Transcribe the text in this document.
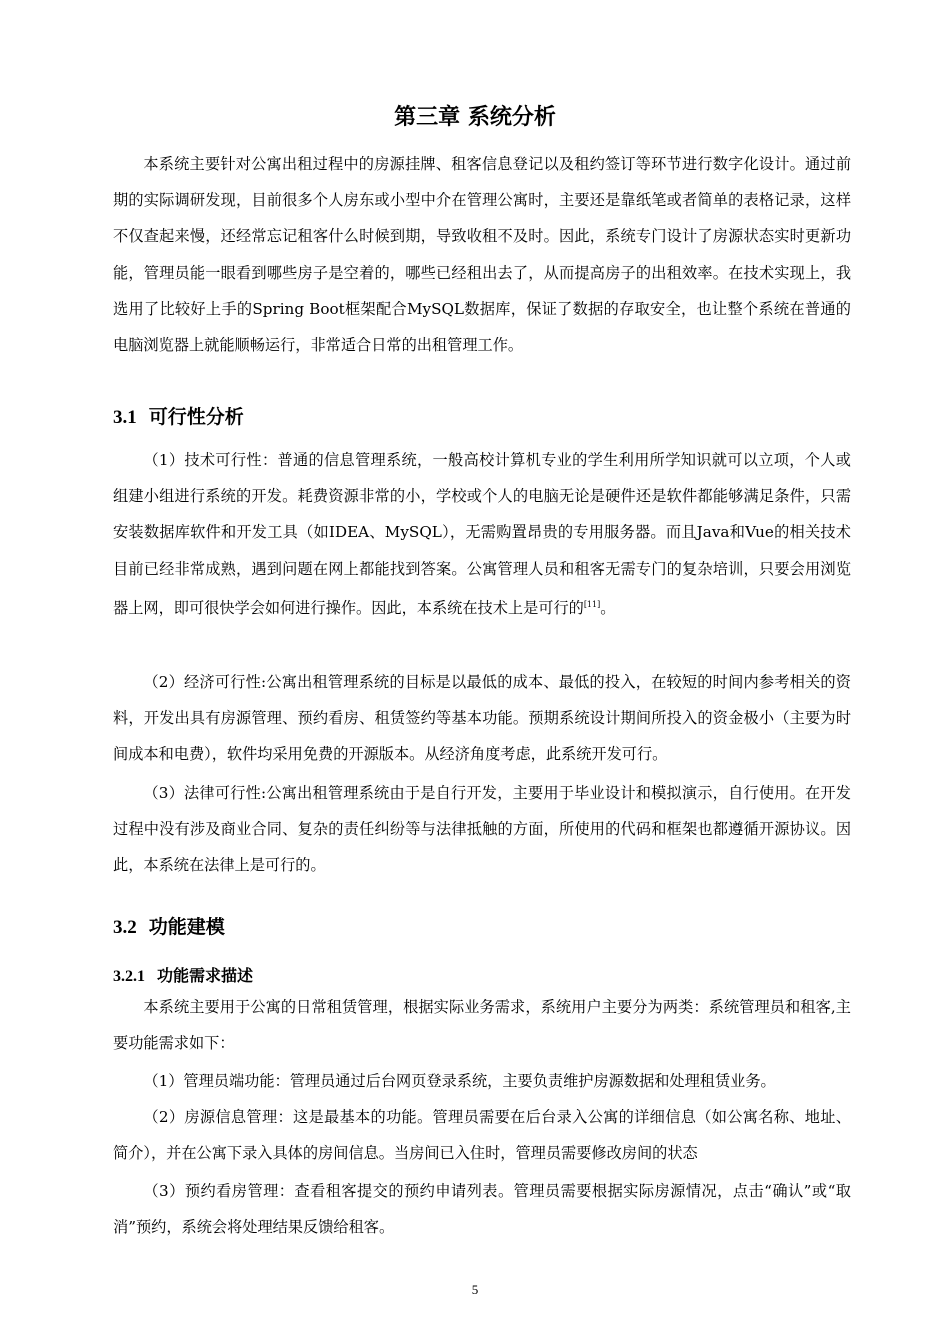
第三章 系统分析

本系统主要针对公寓出租过程中的房源挂牌、租客信息登记以及租约签订等环节进行数字化设计。通过前期的实际调研发现，目前很多个人房东或小型中介在管理公寓时，主要还是靠纸笔或者简单的表格记录，这样不仅查起来慢，还经常忘记租客什么时候到期，导致收租不及时。因此，系统专门设计了房源状态实时更新功能，管理员能一眼看到哪些房子是空着的，哪些已经租出去了，从而提高房子的出租效率。在技术实现上，我选用了比较好上手的Spring Boot框架配合MySQL数据库，保证了数据的存取安全，也让整个系统在普通的电脑浏览器上就能顺畅运行，非常适合日常的出租管理工作。

3.1 可行性分析

（1）技术可行性：普通的信息管理系统，一般高校计算机专业的学生利用所学知识就可以立项，个人或组建小组进行系统的开发。耗费资源非常的小，学校或个人的电脑无论是硬件还是软件都能够满足条件，只需安装数据库软件和开发工具（如IDEA、MySQL），无需购置昂贵的专用服务器。而且Java和Vue的相关技术目前已经非常成熟，遇到问题在网上都能找到答案。公寓管理人员和租客无需专门的复杂培训，只要会用浏览器上网，即可很快学会如何进行操作。因此，本系统在技术上是可行的[11]。

（2）经济可行性:公寓出租管理系统的目标是以最低的成本、最低的投入，在较短的时间内参考相关的资料，开发出具有房源管理、预约看房、租赁签约等基本功能。预期系统设计期间所投入的资金极小（主要为时间成本和电费），软件均采用免费的开源版本。从经济角度考虑，此系统开发可行。

（3）法律可行性:公寓出租管理系统由于是自行开发，主要用于毕业设计和模拟演示，自行使用。在开发过程中没有涉及商业合同、复杂的责任纠纷等与法律抵触的方面，所使用的代码和框架也都遵循开源协议。因此，本系统在法律上是可行的。

3.2 功能建模
3.2.1 功能需求描述

本系统主要用于公寓的日常租赁管理，根据实际业务需求，系统用户主要分为两类：系统管理员和租客,主要功能需求如下：

（1）管理员端功能：管理员通过后台网页登录系统，主要负责维护房源数据和处理租赁业务。

（2）房源信息管理：这是最基本的功能。管理员需要在后台录入公寓的详细信息（如公寓名称、地址、简介），并在公寓下录入具体的房间信息。当房间已入住时，管理员需要修改房间的状态

（3）预约看房管理：查看租客提交的预约申请列表。管理员需要根据实际房源情况，点击“确认”或“取消”预约，系统会将处理结果反馈给租客。

5
